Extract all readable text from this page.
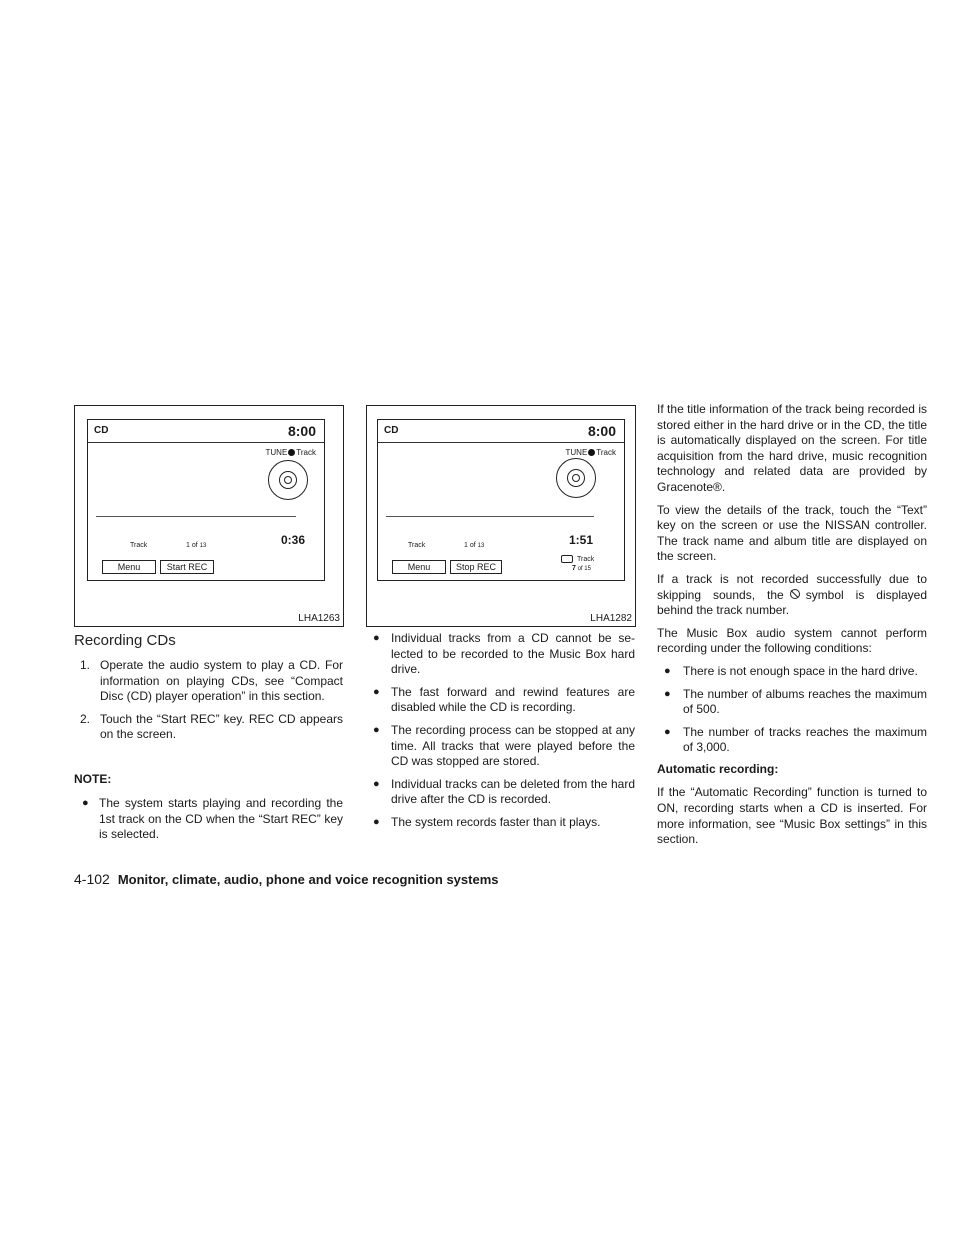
CD	8:00
TUNE Track
Track	1 of 13	0:36
Menu	Start REC
LHA1263
CD	8:00
TUNE Track
Track	1 of 13	1:51
Menu	Stop REC
Track
7 of 15
LHA1282
Recording CDs
1. Operate the audio system to play a CD. For information on playing CDs, see “Compact Disc (CD) player operation” in this section.

2. Touch the “Start REC” key. REC CD appears on the screen.

NOTE:
● The system starts playing and recording the 1st track on the CD when the “Start REC” key is selected.

● Individual tracks from a CD cannot be selected to be recorded to the Music Box hard drive.

● The fast forward and rewind features are disabled while the CD is recording.

● The recording process can be stopped at any time. All tracks that were played before the CD was stopped are stored.

● Individual tracks can be deleted from the hard drive after the CD is recorded.

● The system records faster than it plays.

If the title information of the track being recorded is stored either in the hard drive or in the CD, the title is automatically displayed on the screen. For title acquisition from the hard drive, music recognition technology and related data are provided by Gracenote®.

To view the details of the track, touch the “Text” key on the screen or use the NISSAN controller. The track name and album title are displayed on the screen.

If a track is not recorded successfully due to skipping sounds, the symbol is displayed behind the track number.

The Music Box audio system cannot perform recording under the following conditions:

● There is not enough space in the hard drive.

● The number of albums reaches the maximum of 500.

● The number of tracks reaches the maximum of 3,000.

Automatic recording:

If the “Automatic Recording” function is turned to ON, recording starts when a CD is inserted. For more information, see “Music Box settings” in this section.

4-102 Monitor, climate, audio, phone and voice recognition systems
